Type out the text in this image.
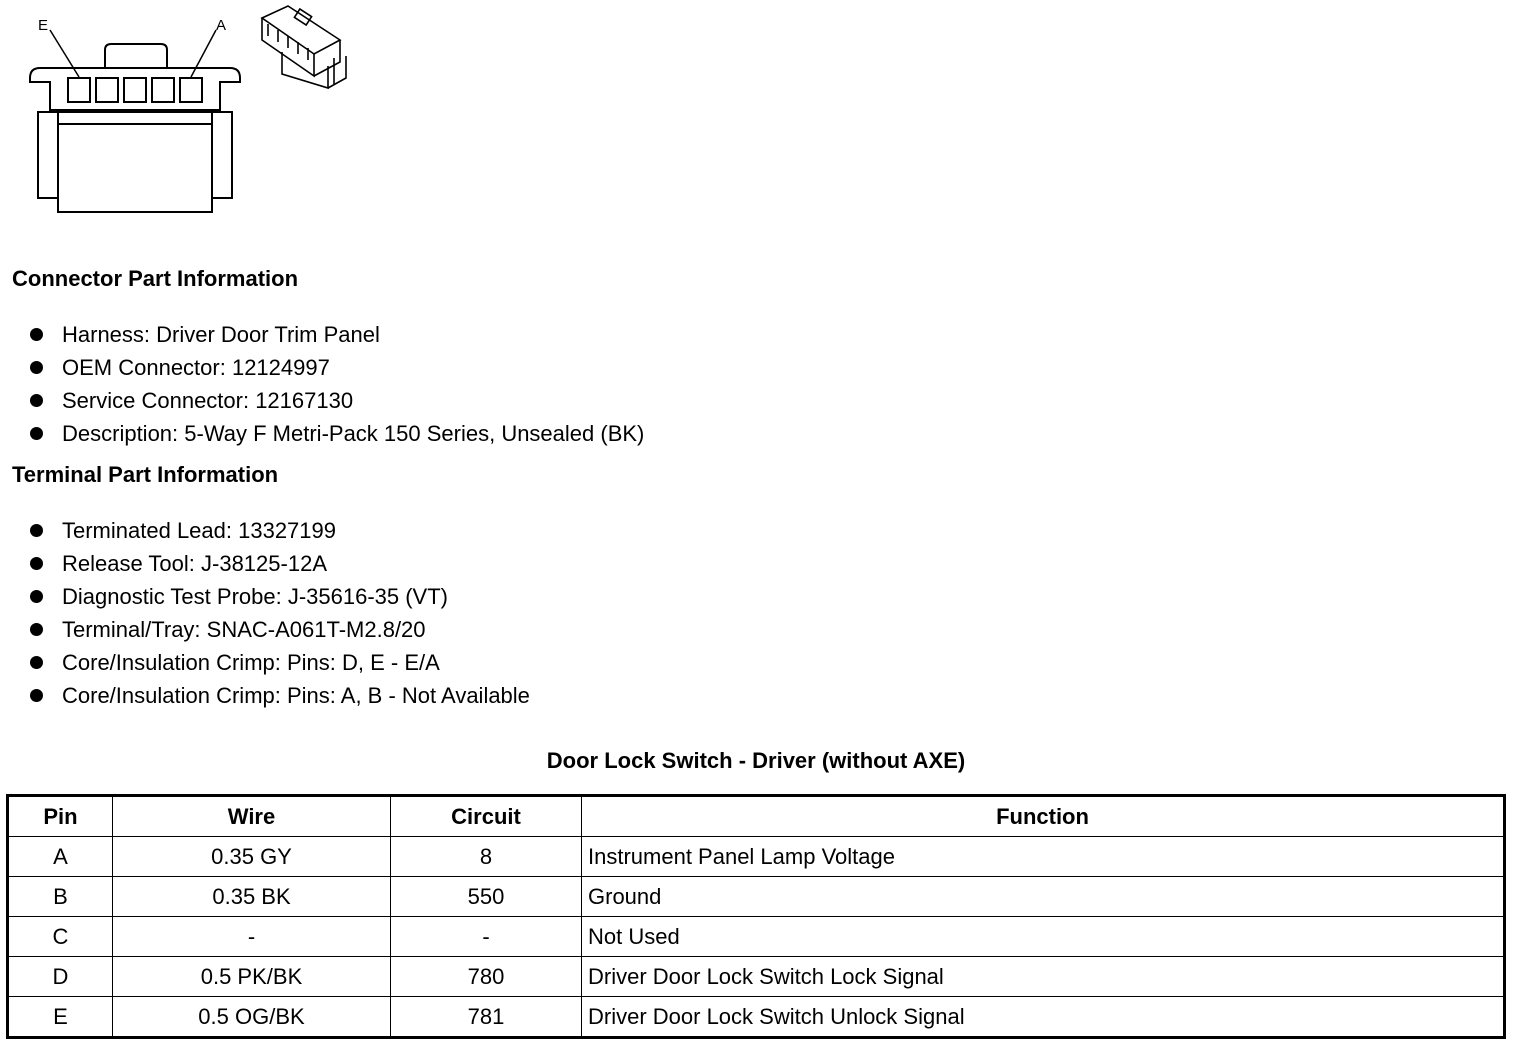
E	A
Connector Part Information
Harness: Driver Door Trim Panel
OEM Connector: 12124997
Service Connector: 12167130
Description: 5-Way F Metri-Pack 150 Series, Unsealed (BK)
Terminal Part Information
Terminated Lead: 13327199
Release Tool: J-38125-12A
Diagnostic Test Probe: J-35616-35 (VT)
Terminal/Tray: SNAC-A061T-M2.8/20
Core/Insulation Crimp: Pins: D, E - E/A
Core/Insulation Crimp: Pins: A, B - Not Available
Door Lock Switch - Driver (without AXE)
Pin	Wire	Circuit	Function
A	0.35 GY	8	Instrument Panel Lamp Voltage
B	0.35 BK	550	Ground
C	-	-	Not Used
D	0.5 PK/BK	780	Driver Door Lock Switch Lock Signal
E	0.5 OG/BK	781	Driver Door Lock Switch Unlock Signal
